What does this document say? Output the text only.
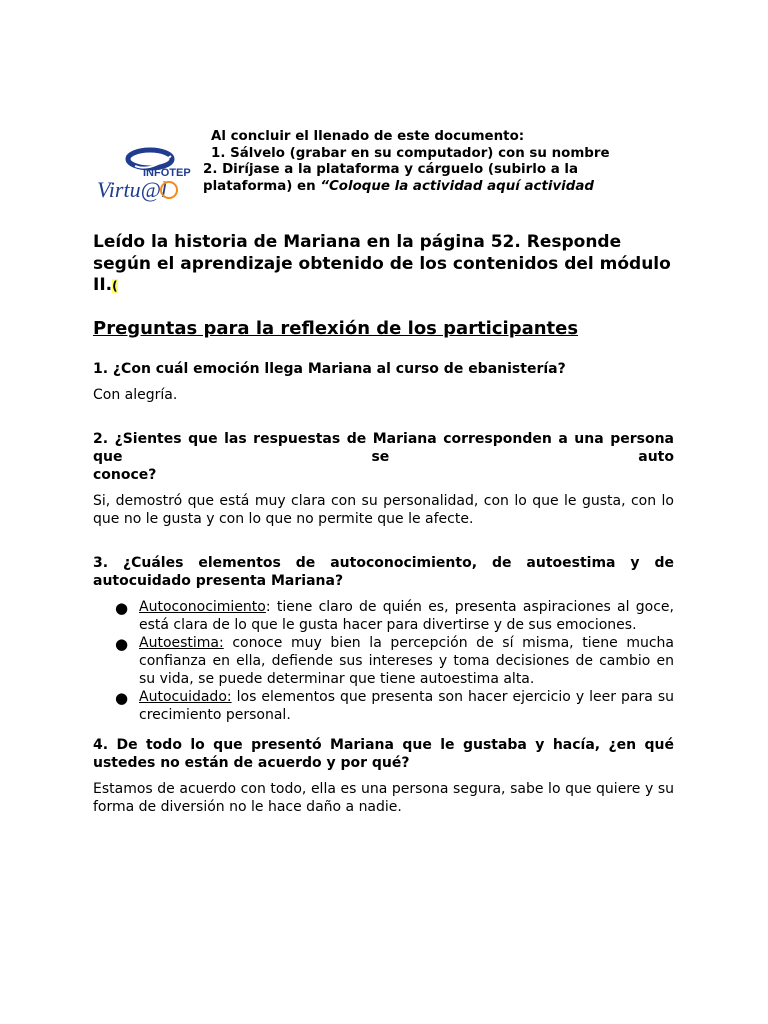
INFOTEP
Virtu@l
Al concluir el llenado de este documento:
1. Sálvelo (grabar en su computador) con su nombre
2. Diríjase a la plataforma y cárguelo (subirlo a la
plataforma) en “Coloque la actividad aquí actividad

Leído la historia de Mariana en la página 52. Responde según el aprendizaje obtenido de los contenidos del módulo II.(

Preguntas para la reflexión de los participantes

1. ¿Con cuál emoción llega Mariana al curso de ebanistería?

Con alegría.

2. ¿Sientes que las respuestas de Mariana corresponden a una persona que se auto

conoce?

Si, demostró que está muy clara con su personalidad, con lo que le gusta, con lo que no le gusta y con lo que no permite que le afecte.

3. ¿Cuáles elementos de autoconocimiento, de autoestima y de autocuidado presenta Mariana?

● Autoconocimiento: tiene claro de quién es, presenta aspiraciones al goce, está clara de lo que le gusta hacer para divertirse y de sus emociones.
● Autoestima: conoce muy bien la percepción de sí misma, tiene mucha confianza en ella, defiende sus intereses y toma decisiones de cambio en su vida, se puede determinar que tiene autoestima alta.
● Autocuidado: los elementos que presenta son hacer ejercicio y leer para su crecimiento personal.

4. De todo lo que presentó Mariana que le gustaba y hacía, ¿en qué ustedes no están de acuerdo y por qué?

Estamos de acuerdo con todo, ella es una persona segura, sabe lo que quiere y su forma de diversión no le hace daño a nadie.
